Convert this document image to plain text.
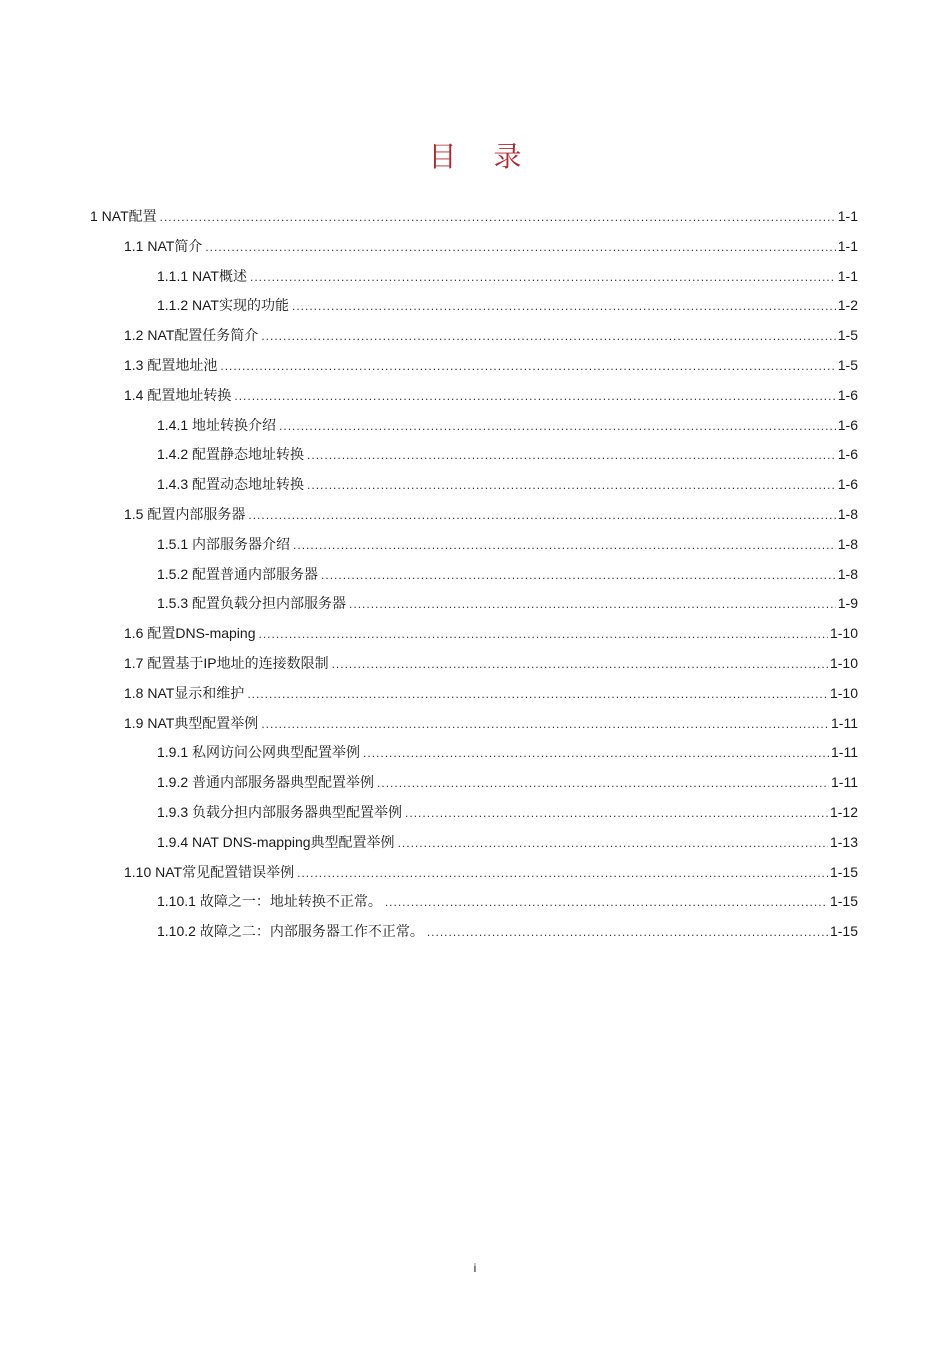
目 录
1 NAT配置 .....	1-1
1.1 NAT简介 .....	1-1
1.1.1 NAT概述 .....	1-1
1.1.2 NAT实现的功能 .....	1-2
1.2 NAT配置任务简介 .....	1-5
1.3 配置地址池 .....	1-5
1.4 配置地址转换 .....	1-6
1.4.1 地址转换介绍 .....	1-6
1.4.2 配置静态地址转换 .....	1-6
1.4.3 配置动态地址转换 .....	1-6
1.5 配置内部服务器 .....	1-8
1.5.1 内部服务器介绍 .....	1-8
1.5.2 配置普通内部服务器 .....	1-8
1.5.3 配置负载分担内部服务器 .....	1-9
1.6 配置DNS-maping .....	1-10
1.7 配置基于IP地址的连接数限制 .....	1-10
1.8 NAT显示和维护 .....	1-10
1.9 NAT典型配置举例 .....	1-11
1.9.1 私网访问公网典型配置举例 .....	1-11
1.9.2 普通内部服务器典型配置举例 .....	1-11
1.9.3 负载分担内部服务器典型配置举例 .....	1-12
1.9.4 NAT DNS-mapping典型配置举例 .....	1-13
1.10 NAT常见配置错误举例 .....	1-15
1.10.1 故障之一：地址转换不正常。 .....	1-15
1.10.2 故障之二：内部服务器工作不正常。 .....	1-15
i
